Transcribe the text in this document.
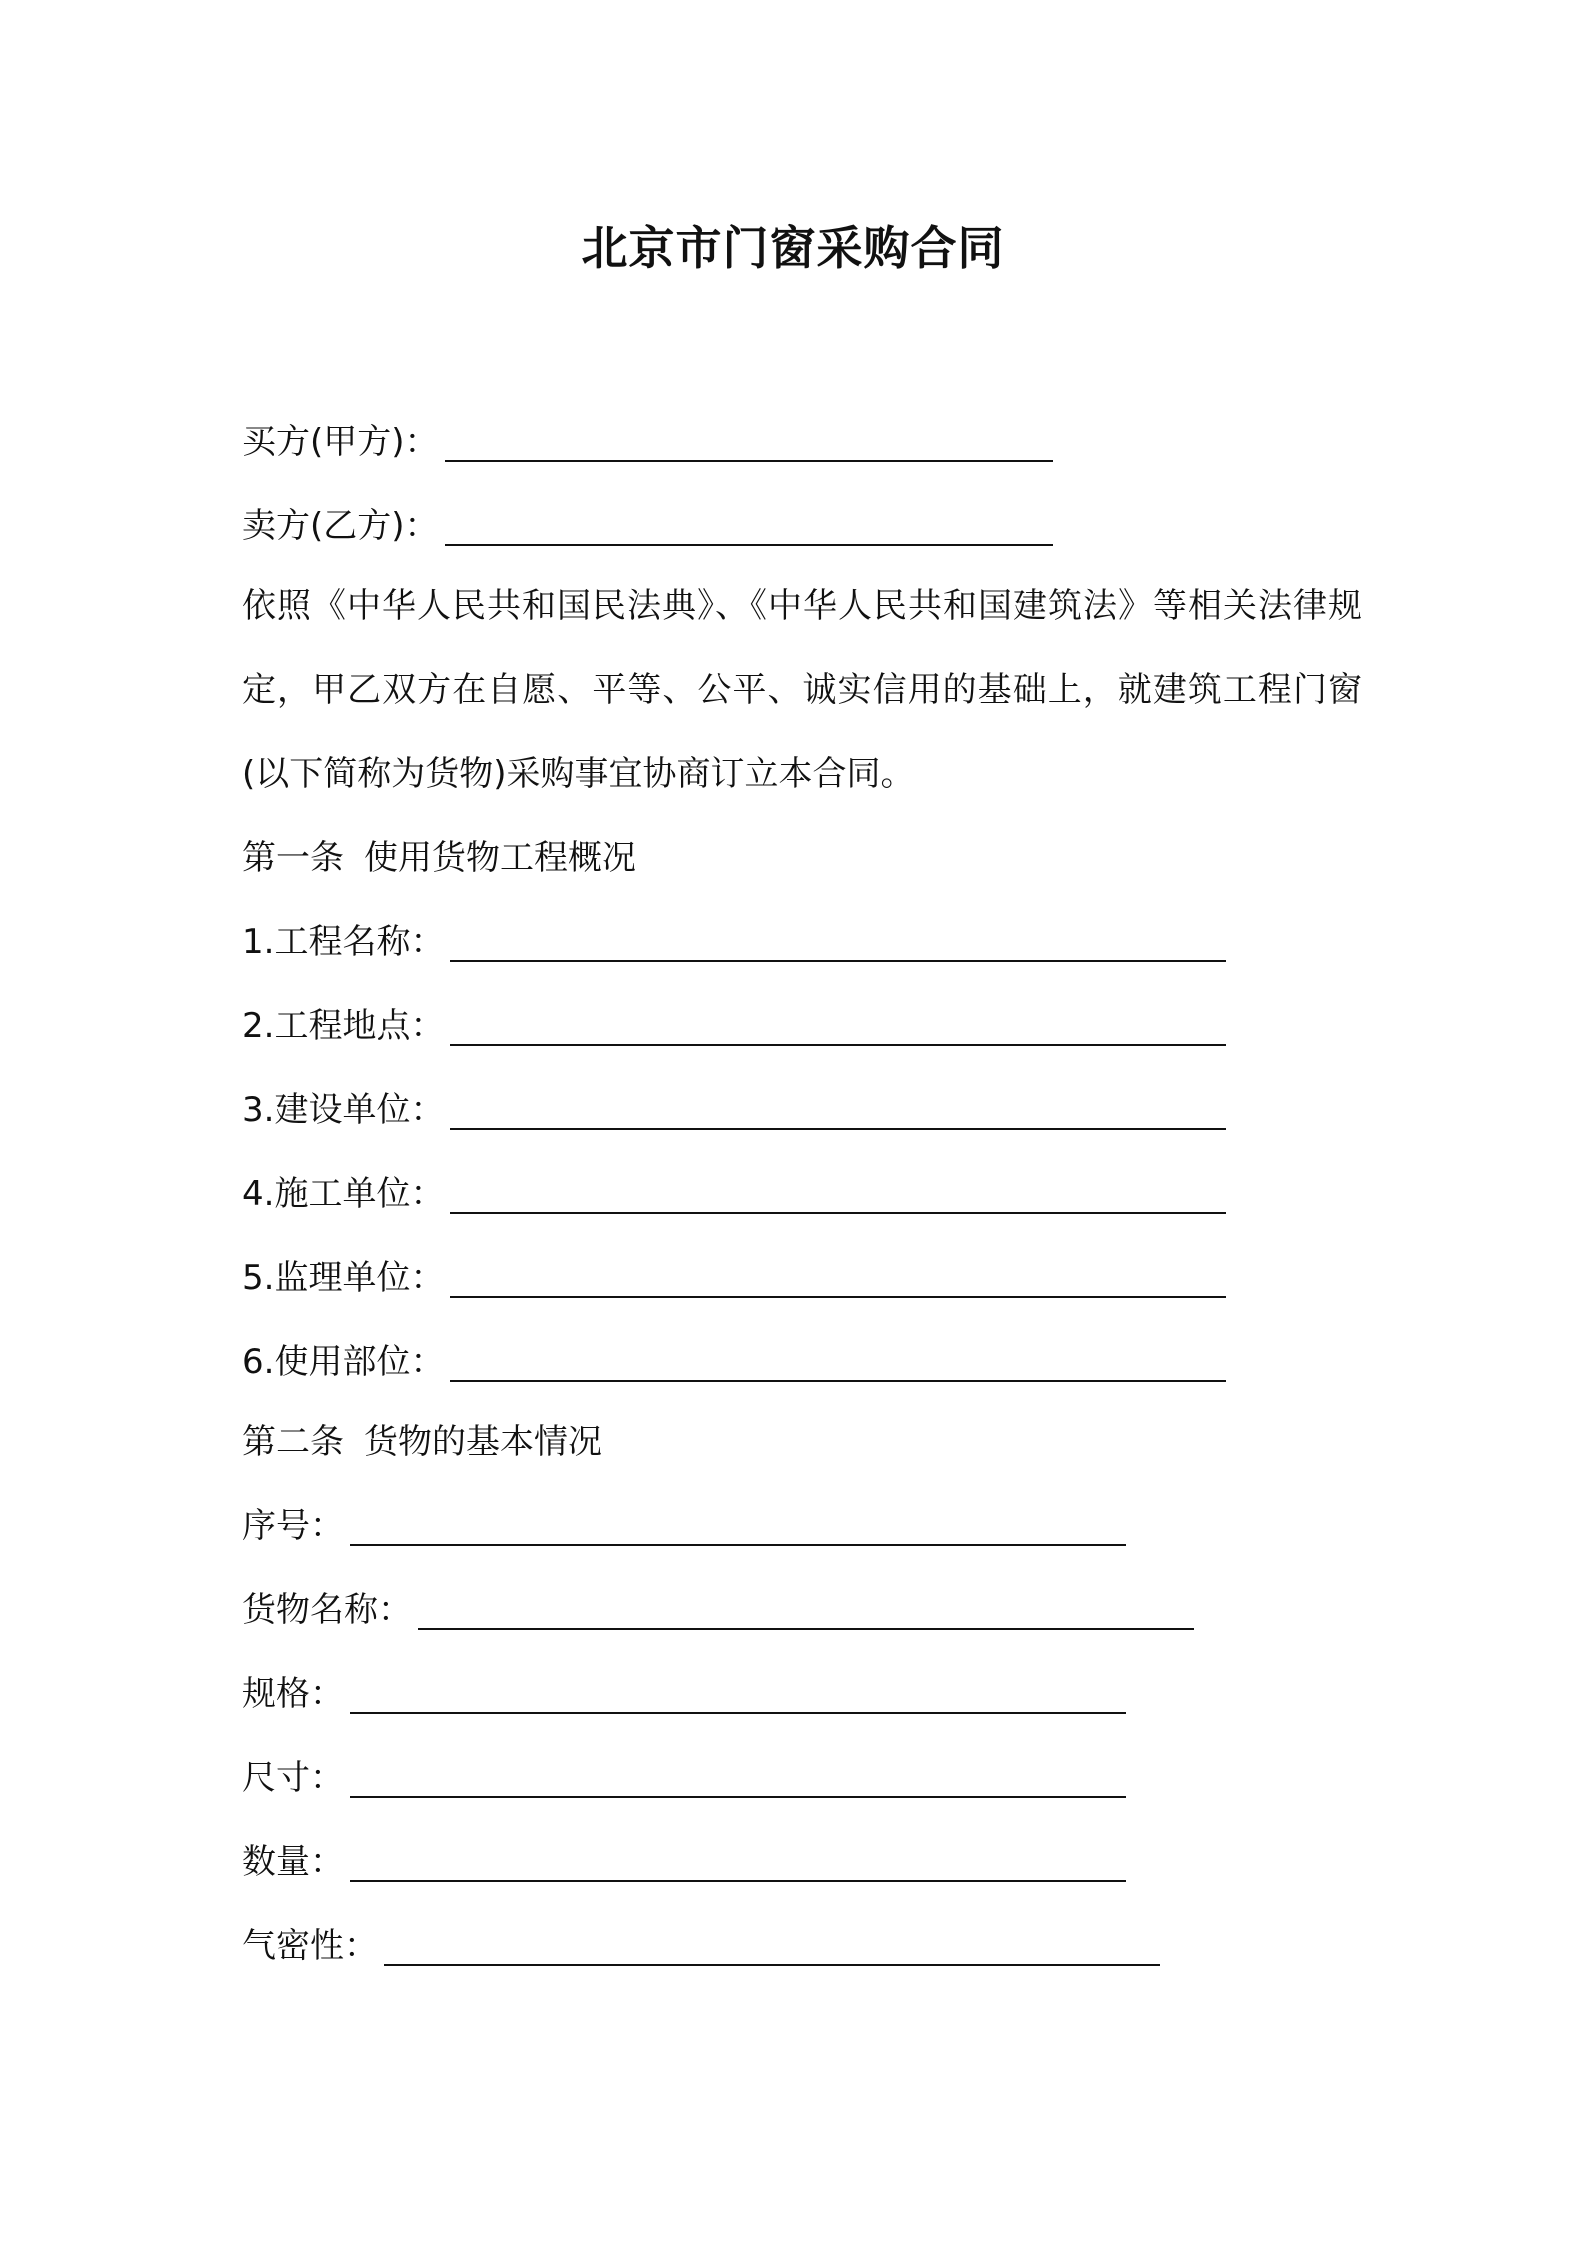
北京市门窗采购合同
买方(甲方)：
卖方(乙方)：
依照《中华人民共和国民法典》、《中华人民共和国建筑法》等相关法律规定，甲乙双方在自愿、平等、公平、诚实信用的基础上，就建筑工程门窗(以下简称为货物)采购事宜协商订立本合同。
第一条 使用货物工程概况
1.工程名称：
2.工程地点：
3.建设单位：
4.施工单位：
5.监理单位：
6.使用部位：
第二条 货物的基本情况
序号：
货物名称：
规格：
尺寸：
数量：
气密性：
